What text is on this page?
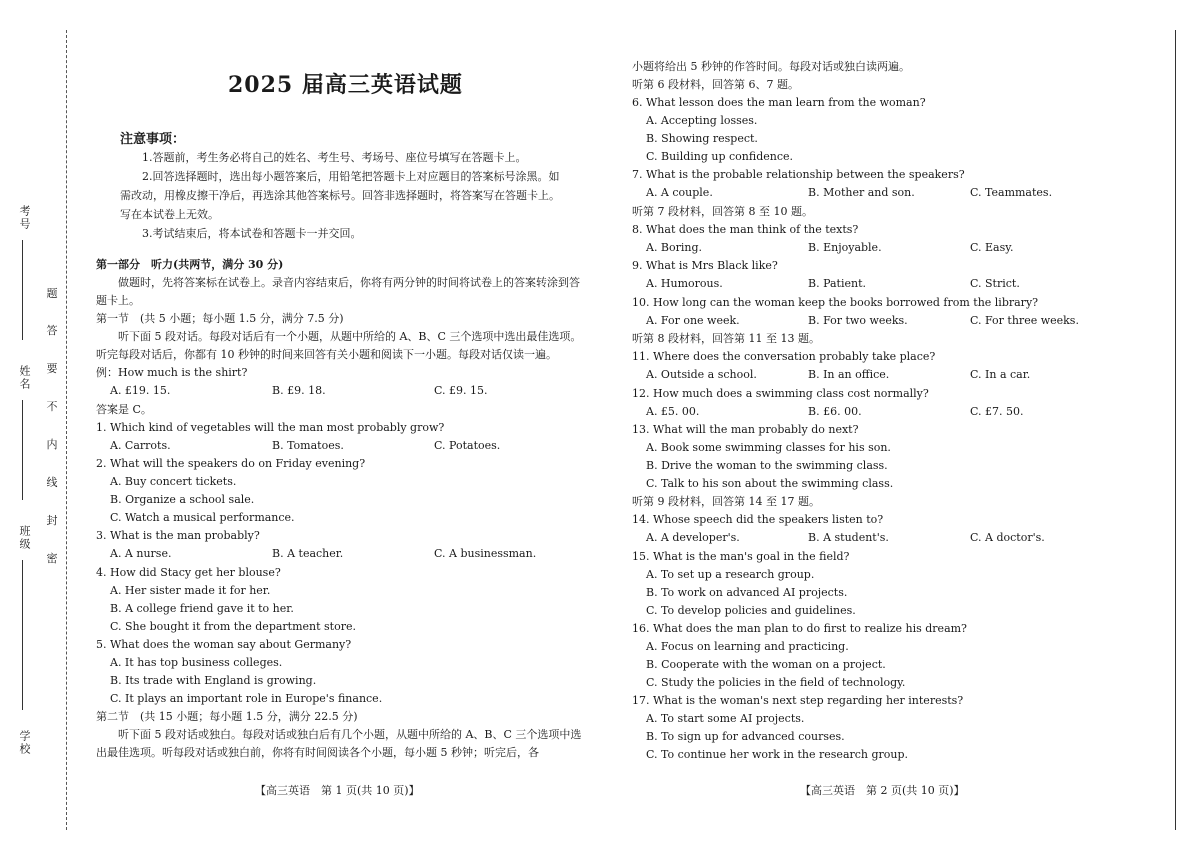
考号
姓名
班级
学校
题
答
要
不
内
线
封
密
2025 届高三英语试题
注意事项：

1.答题前，考生务必将自己的姓名、考生号、考场号、座位号填写在答题卡上。

2.回答选择题时，选出每小题答案后，用铅笔把答题卡上对应题目的答案标号涂黑。如需改动，用橡皮擦干净后，再选涂其他答案标号。回答非选择题时，将答案写在答题卡上。写在本试卷上无效。

3.考试结束后，将本试卷和答题卡一并交回。

第一部分　听力(共两节，满分 30 分)
做题时，先将答案标在试卷上。录音内容结束后，你将有两分钟的时间将试卷上的答案转涂到答题卡上。
第一节　(共 5 小题；每小题 1.5 分，满分 7.5 分)
听下面 5 段对话。每段对话后有一个小题，从题中所给的 A、B、C 三个选项中选出最佳选项。听完每段对话后，你都有 10 秒钟的时间来回答有关小题和阅读下一小题。每段对话仅读一遍。
例：How much is the shirt?
A. £19. 15.	B. £9. 18.	C. £9. 15.
答案是 C。
1. Which kind of vegetables will the man most probably grow?
A. Carrots.	B. Tomatoes.	C. Potatoes.
2. What will the speakers do on Friday evening?
A. Buy concert tickets.
B. Organize a school sale.
C. Watch a musical performance.
3. What is the man probably?
A. A nurse.	B. A teacher.	C. A businessman.
4. How did Stacy get her blouse?
A. Her sister made it for her.
B. A college friend gave it to her.
C. She bought it from the department store.
5. What does the woman say about Germany?
A. It has top business colleges.
B. Its trade with England is growing.
C. It plays an important role in Europe's finance.
第二节　(共 15 小题；每小题 1.5 分，满分 22.5 分)
听下面 5 段对话或独白。每段对话或独白后有几个小题，从题中所给的 A、B、C 三个选项中选出最佳选项。听每段对话或独白前，你将有时间阅读各个小题，每小题 5 秒钟；听完后，各
【高三英语　第 1 页(共 10 页)】
小题将给出 5 秒钟的作答时间。每段对话或独白读两遍。
听第 6 段材料，回答第 6、7 题。
6. What lesson does the man learn from the woman?
A. Accepting losses.
B. Showing respect.
C. Building up confidence.
7. What is the probable relationship between the speakers?
A. A couple.	B. Mother and son.	C. Teammates.
听第 7 段材料，回答第 8 至 10 题。
8. What does the man think of the texts?
A. Boring.	B. Enjoyable.	C. Easy.
9. What is Mrs Black like?
A. Humorous.	B. Patient.	C. Strict.
10. How long can the woman keep the books borrowed from the library?
A. For one week.	B. For two weeks.	C. For three weeks.
听第 8 段材料，回答第 11 至 13 题。
11. Where does the conversation probably take place?
A. Outside a school.	B. In an office.	C. In a car.
12. How much does a swimming class cost normally?
A. £5. 00.	B. £6. 00.	C. £7. 50.
13. What will the man probably do next?
A. Book some swimming classes for his son.
B. Drive the woman to the swimming class.
C. Talk to his son about the swimming class.
听第 9 段材料，回答第 14 至 17 题。
14. Whose speech did the speakers listen to?
A. A developer's.	B. A student's.	C. A doctor's.
15. What is the man's goal in the field?
A. To set up a research group.
B. To work on advanced AI projects.
C. To develop policies and guidelines.
16. What does the man plan to do first to realize his dream?
A. Focus on learning and practicing.
B. Cooperate with the woman on a project.
C. Study the policies in the field of technology.
17. What is the woman's next step regarding her interests?
A. To start some AI projects.
B. To sign up for advanced courses.
C. To continue her work in the research group.
【高三英语　第 2 页(共 10 页)】
